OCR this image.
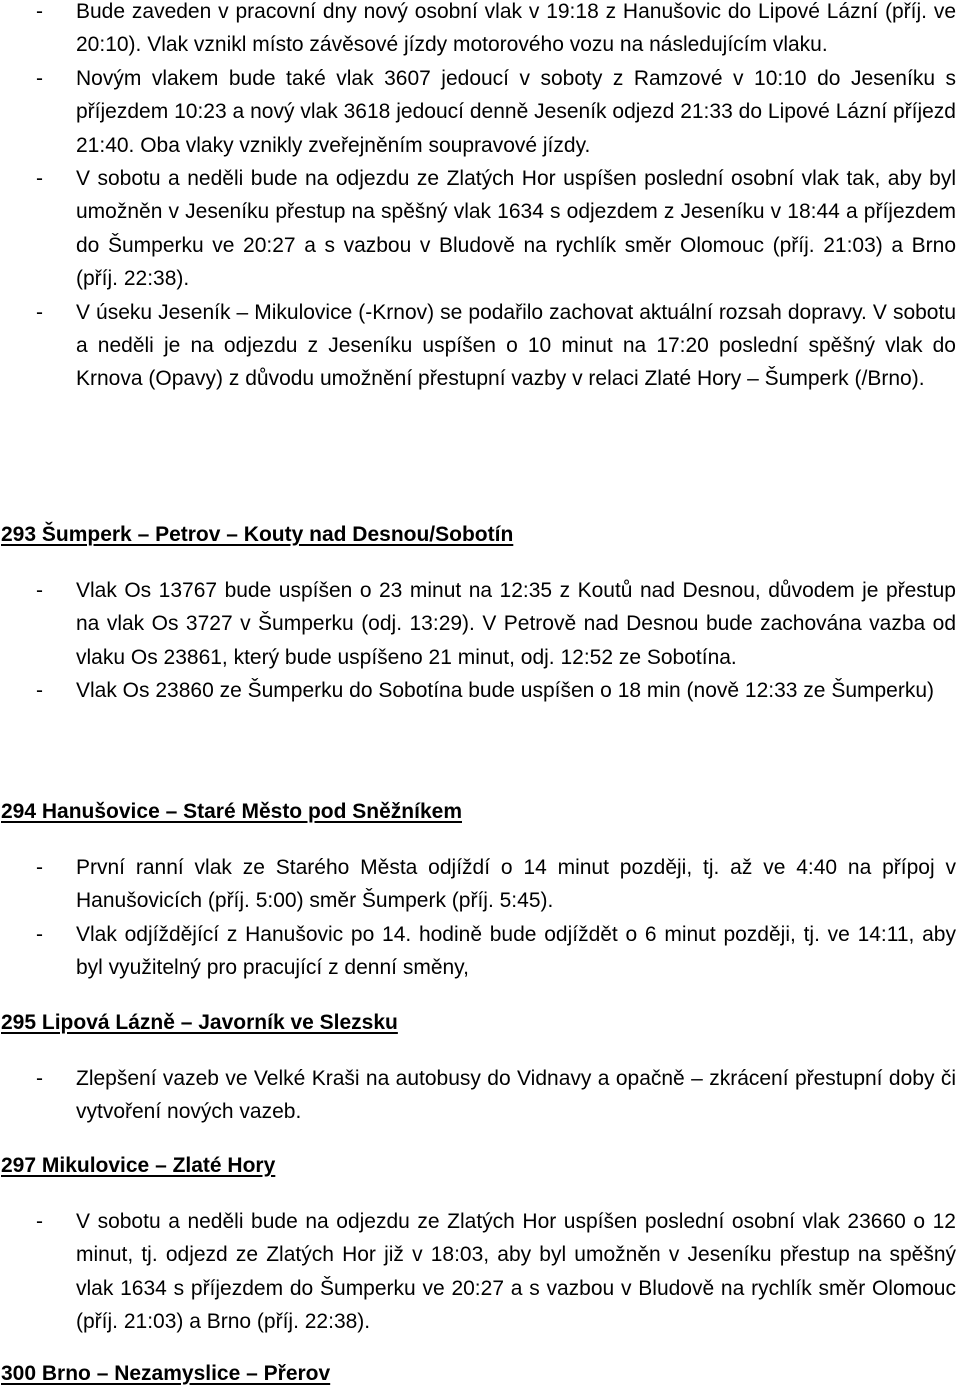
- Bude zaveden v pracovní dny nový osobní vlak v 19:18 z Hanušovic do Lipové Lázní (příj. ve 20:10). Vlak vznikl místo závěsové jízdy motorového vozu na následujícím vlaku.

- Novým vlakem bude také vlak 3607 jedoucí v soboty z Ramzové v 10:10 do Jeseníku s příjezdem 10:23 a nový vlak 3618 jedoucí denně Jeseník odjezd 21:33 do Lipové Lázní příjezd 21:40. Oba vlaky vznikly zveřejněním soupravové jízdy.

- V sobotu a neděli bude na odjezdu ze Zlatých Hor uspíšen poslední osobní vlak tak, aby byl umožněn v Jeseníku přestup na spěšný vlak 1634 s odjezdem z Jeseníku v 18:44 a příjezdem do Šumperku ve 20:27 a s vazbou v Bludově na rychlík směr Olomouc (příj. 21:03) a Brno (příj. 22:38).

- V úseku Jeseník – Mikulovice (-Krnov) se podařilo zachovat aktuální rozsah dopravy. V sobotu a neděli je na odjezdu z Jeseníku uspíšen o 10 minut na 17:20 poslední spěšný vlak do Krnova (Opavy) z důvodu umožnění přestupní vazby v relaci Zlaté Hory – Šumperk (/Brno).

293 Šumperk – Petrov – Kouty nad Desnou/Sobotín

- Vlak Os 13767 bude uspíšen o 23 minut na 12:35 z Koutů nad Desnou, důvodem je přestup na vlak Os 3727 v Šumperku (odj. 13:29). V Petrově nad Desnou bude zachována vazba od vlaku Os 23861, který bude uspíšeno 21 minut, odj. 12:52 ze Sobotína.

- Vlak Os 23860 ze Šumperku do Sobotína bude uspíšen o 18 min (nově 12:33 ze Šumperku)

294 Hanušovice – Staré Město pod Sněžníkem

- První ranní vlak ze Starého Města odjíždí o 14 minut později, tj. až ve 4:40 na přípoj v Hanušovicích (příj. 5:00) směr Šumperk (příj. 5:45).

- Vlak odjíždějící z Hanušovic po 14. hodině bude odjíždět o 6 minut později, tj. ve 14:11, aby byl využitelný pro pracující z denní směny,

295 Lipová Lázně – Javorník ve Slezsku

- Zlepšení vazeb ve Velké Kraši na autobusy do Vidnavy a opačně – zkrácení přestupní doby či vytvoření nových vazeb.

297 Mikulovice – Zlaté Hory

- V sobotu a neděli bude na odjezdu ze Zlatých Hor uspíšen poslední osobní vlak 23660 o 12 minut, tj. odjezd ze Zlatých Hor již v 18:03, aby byl umožněn v Jeseníku přestup na spěšný vlak 1634 s příjezdem do Šumperku ve 20:27 a s vazbou v Bludově na rychlík směr Olomouc (příj. 21:03) a Brno (příj. 22:38).

300 Brno – Nezamyslice – Přerov
